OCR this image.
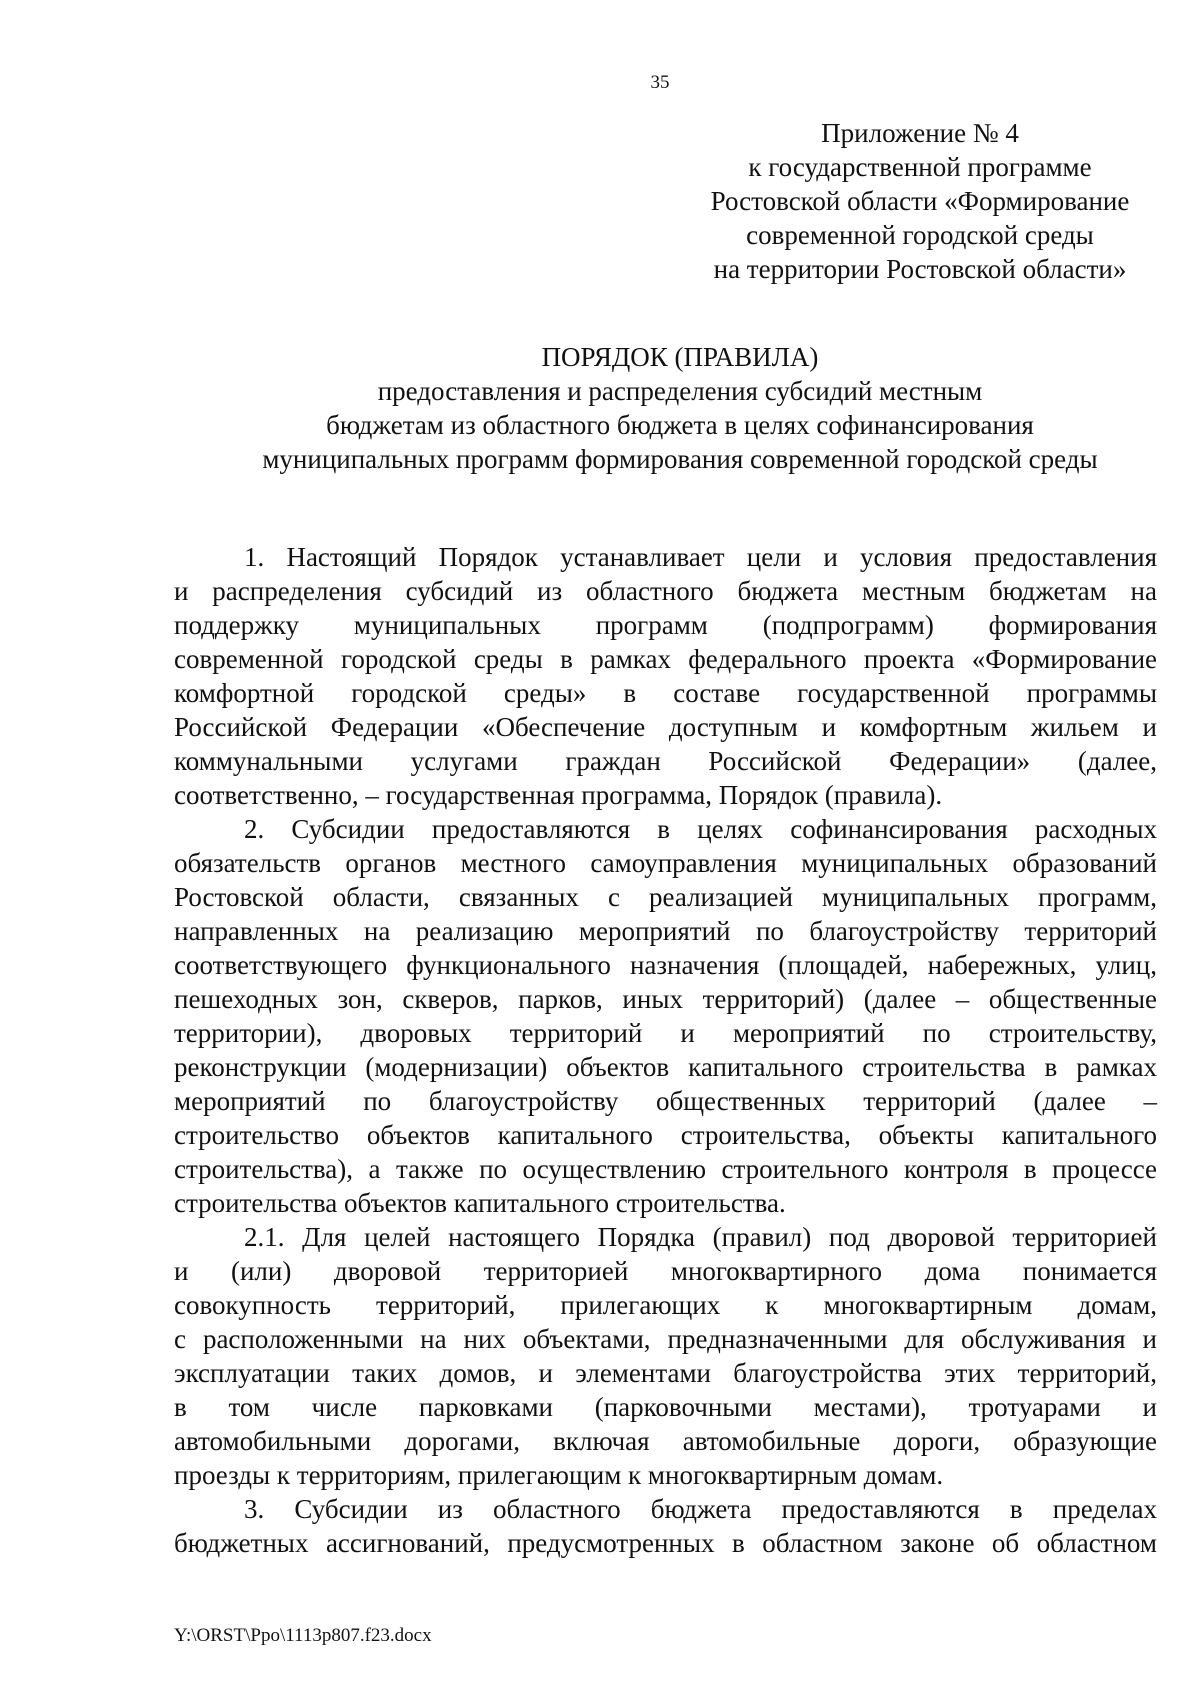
35
Приложение № 4
к государственной программе
Ростовской области «Формирование
современной городской среды
на территории Ростовской области»
ПОРЯДОК (ПРАВИЛА)
предоставления и распределения субсидий местным
бюджетам из областного бюджета в целях софинансирования
муниципальных программ формирования современной городской среды
1. Настоящий Порядок устанавливает цели и условия предоставления
и распределения субсидий из областного бюджета местным бюджетам на
поддержку муниципальных программ (подпрограмм) формирования
современной городской среды в рамках федерального проекта «Формирование
комфортной городской среды» в составе государственной программы
Российской Федерации «Обеспечение доступным и комфортным жильем и
коммунальными услугами граждан Российской Федерации» (далее,
соответственно, – государственная программа, Порядок (правила).
2. Субсидии предоставляются в целях софинансирования расходных
обязательств органов местного самоуправления муниципальных образований
Ростовской области, связанных с реализацией муниципальных программ,
направленных на реализацию мероприятий по благоустройству территорий
соответствующего функционального назначения (площадей, набережных, улиц,
пешеходных зон, скверов, парков, иных территорий) (далее – общественные
территории), дворовых территорий и мероприятий по строительству,
реконструкции (модернизации) объектов капитального строительства в рамках
мероприятий по благоустройству общественных территорий (далее –
строительство объектов капитального строительства, объекты капитального
строительства), а также по осуществлению строительного контроля в процессе
строительства объектов капитального строительства.
2.1. Для целей настоящего Порядка (правил) под дворовой территорией
и (или) дворовой территорией многоквартирного дома понимается
совокупность территорий, прилегающих к многоквартирным домам,
с расположенными на них объектами, предназначенными для обслуживания и
эксплуатации таких домов, и элементами благоустройства этих территорий,
в том числе парковками (парковочными местами), тротуарами и
автомобильными дорогами, включая автомобильные дороги, образующие
проезды к территориям, прилегающим к многоквартирным домам.
3. Субсидии из областного бюджета предоставляются в пределах
бюджетных ассигнований, предусмотренных в областном законе об областном
Y:\ORST\Ppo\1113p807.f23.docx
